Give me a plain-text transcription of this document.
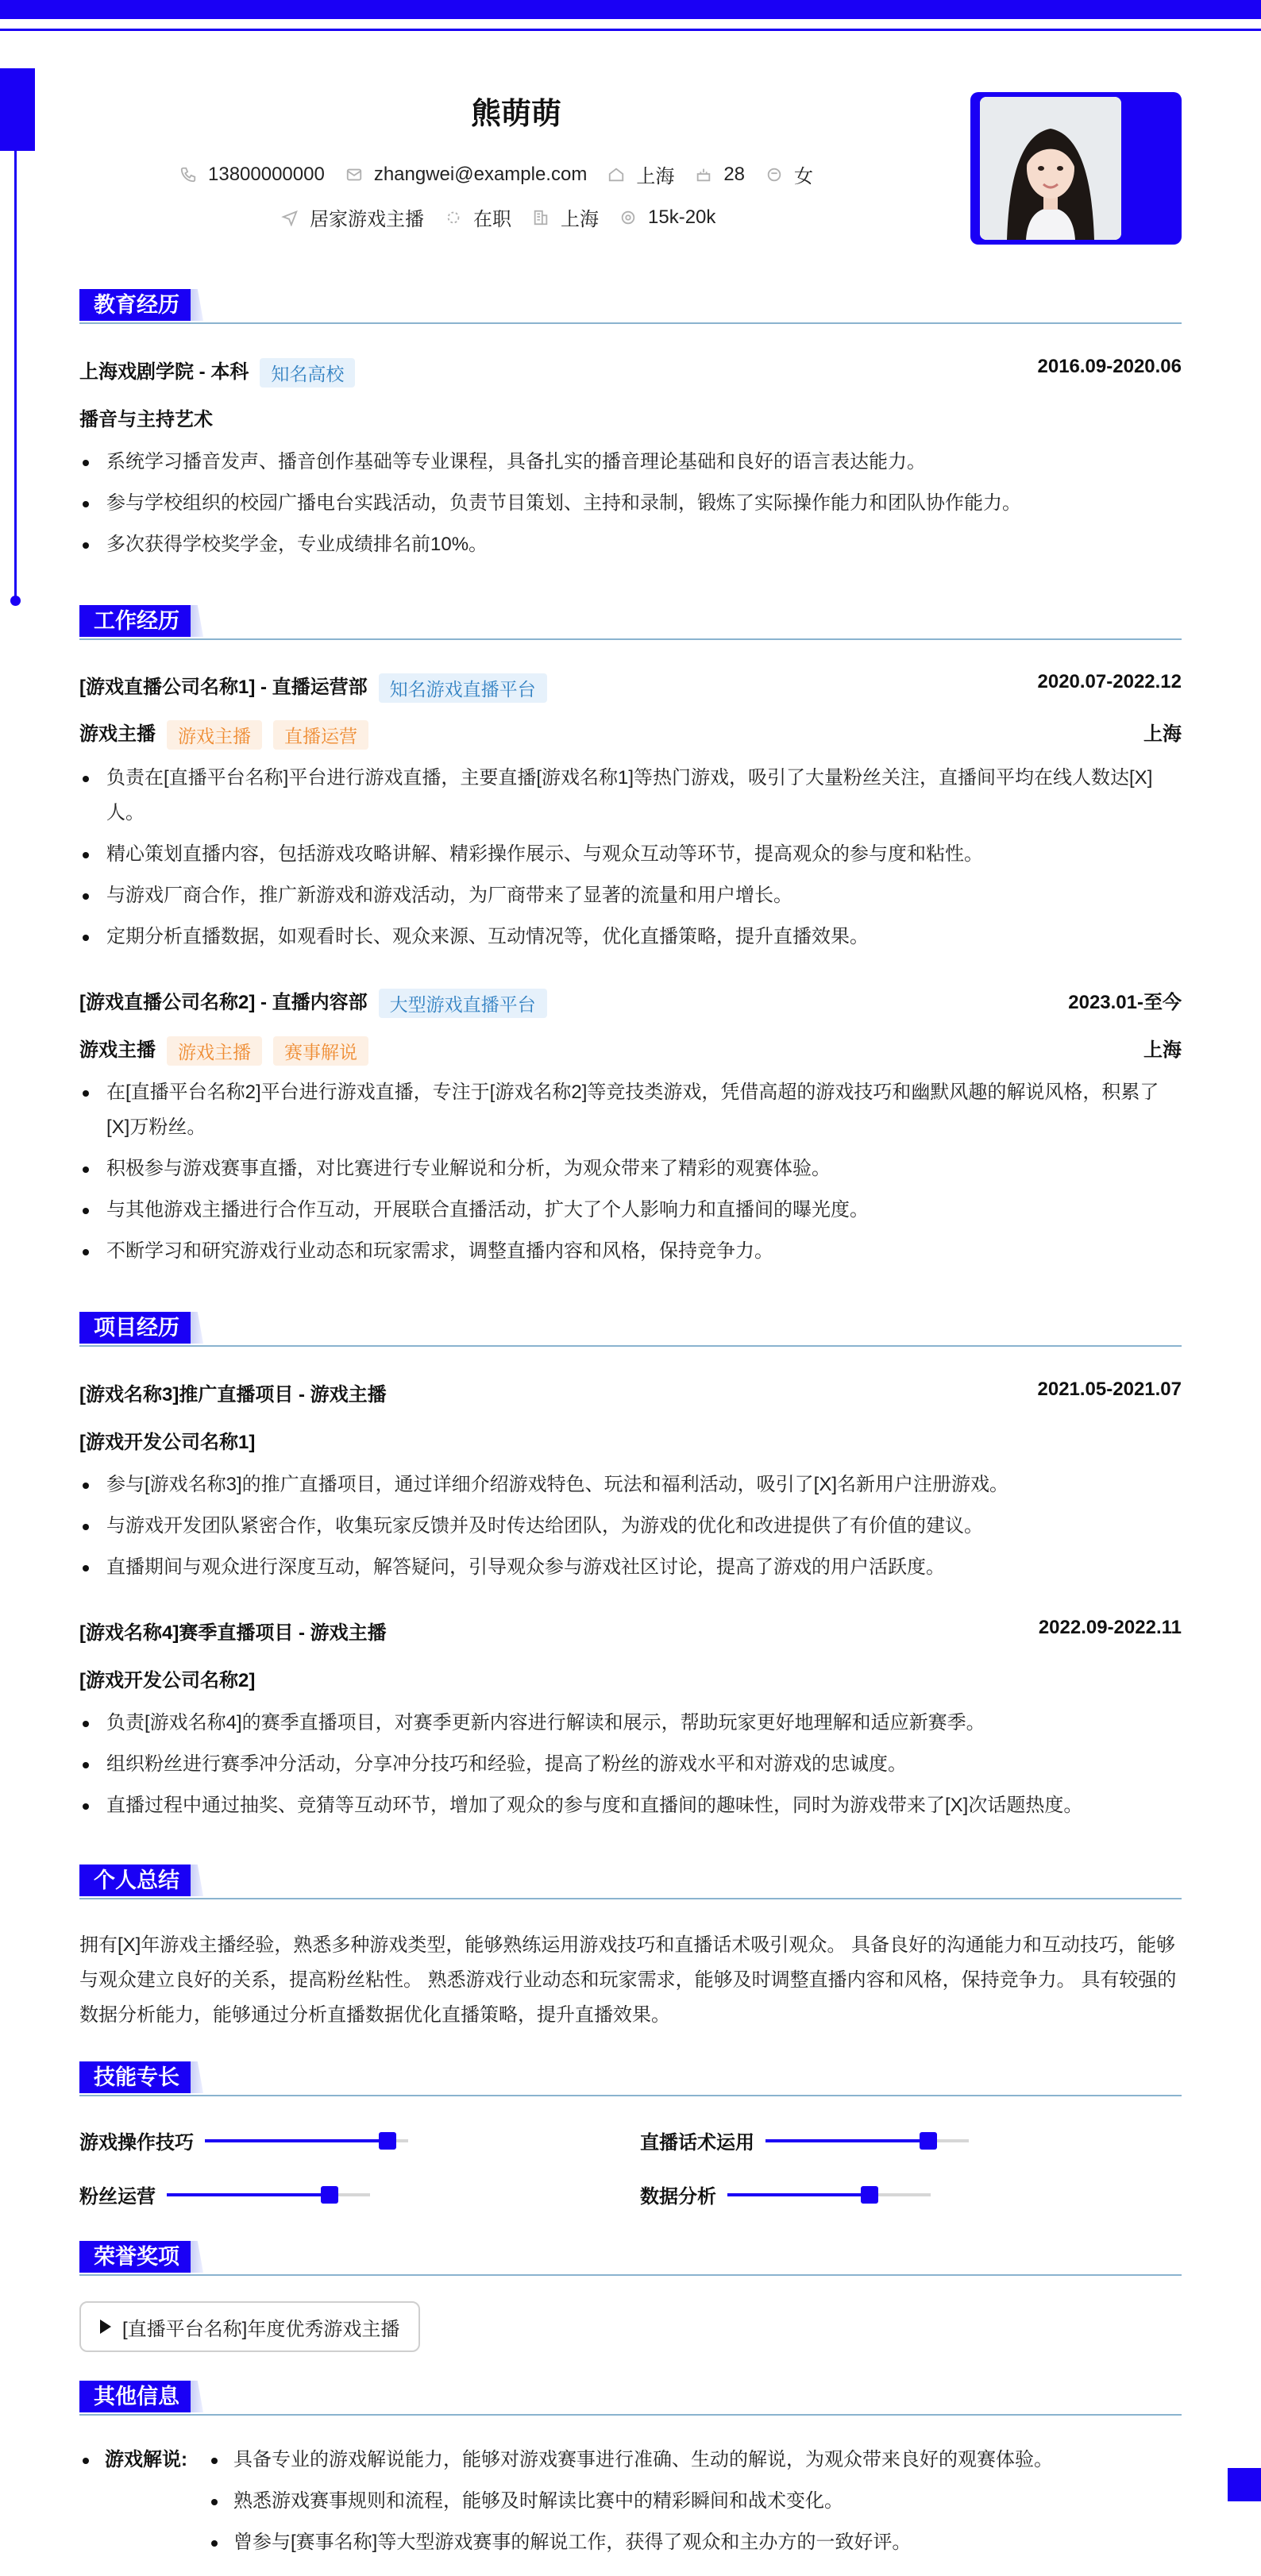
熊萌萌
13800000000	zhangwei@example.com	上海	28	女
居家游戏主播	在职	上海	15k-20k
教育经历
上海戏剧学院 - 本科 知名高校	2016.09-2020.06
播音与主持艺术
系统学习播音发声、播音创作基础等专业课程，具备扎实的播音理论基础和良好的语言表达能力。
参与学校组织的校园广播电台实践活动，负责节目策划、主持和录制，锻炼了实际操作能力和团队协作能力。
多次获得学校奖学金，专业成绩排名前10%。
工作经历
[游戏直播公司名称1] - 直播运营部 知名游戏直播平台	2020.07-2022.12
游戏主播 游戏主播 直播运营	上海
负责在[直播平台名称]平台进行游戏直播，主要直播[游戏名称1]等热门游戏，吸引了大量粉丝关注，直播间平均在线人数达[X]人。
精心策划直播内容，包括游戏攻略讲解、精彩操作展示、与观众互动等环节，提高观众的参与度和粘性。
与游戏厂商合作，推广新游戏和游戏活动，为厂商带来了显著的流量和用户增长。
定期分析直播数据，如观看时长、观众来源、互动情况等，优化直播策略，提升直播效果。
[游戏直播公司名称2] - 直播内容部 大型游戏直播平台	2023.01-至今
游戏主播 游戏主播 赛事解说	上海
在[直播平台名称2]平台进行游戏直播，专注于[游戏名称2]等竞技类游戏，凭借高超的游戏技巧和幽默风趣的解说风格，积累了[X]万粉丝。
积极参与游戏赛事直播，对比赛进行专业解说和分析，为观众带来了精彩的观赛体验。
与其他游戏主播进行合作互动，开展联合直播活动，扩大了个人影响力和直播间的曝光度。
不断学习和研究游戏行业动态和玩家需求，调整直播内容和风格，保持竞争力。
项目经历
[游戏名称3]推广直播项目 - 游戏主播	2021.05-2021.07
[游戏开发公司名称1]
参与[游戏名称3]的推广直播项目，通过详细介绍游戏特色、玩法和福利活动，吸引了[X]名新用户注册游戏。
与游戏开发团队紧密合作，收集玩家反馈并及时传达给团队，为游戏的优化和改进提供了有价值的建议。
直播期间与观众进行深度互动，解答疑问，引导观众参与游戏社区讨论，提高了游戏的用户活跃度。
[游戏名称4]赛季直播项目 - 游戏主播	2022.09-2022.11
[游戏开发公司名称2]
负责[游戏名称4]的赛季直播项目，对赛季更新内容进行解读和展示，帮助玩家更好地理解和适应新赛季。
组织粉丝进行赛季冲分活动，分享冲分技巧和经验，提高了粉丝的游戏水平和对游戏的忠诚度。
直播过程中通过抽奖、竞猜等互动环节，增加了观众的参与度和直播间的趣味性，同时为游戏带来了[X]次话题热度。
个人总结
拥有[X]年游戏主播经验，熟悉多种游戏类型，能够熟练运用游戏技巧和直播话术吸引观众。 具备良好的沟通能力和互动技巧，能够与观众建立良好的关系，提高粉丝粘性。 熟悉游戏行业动态和玩家需求，能够及时调整直播内容和风格，保持竞争力。 具有较强的数据分析能力，能够通过分析直播数据优化直播策略，提升直播效果。
技能专长
游戏操作技巧	直播话术运用
粉丝运营	数据分析
荣誉奖项
[直播平台名称]年度优秀游戏主播
其他信息
游戏解说:	具备专业的游戏解说能力，能够对游戏赛事进行准确、生动的解说，为观众带来良好的观赛体验。
熟悉游戏赛事规则和流程，能够及时解读比赛中的精彩瞬间和战术变化。
曾参与[赛事名称]等大型游戏赛事的解说工作，获得了观众和主办方的一致好评。
